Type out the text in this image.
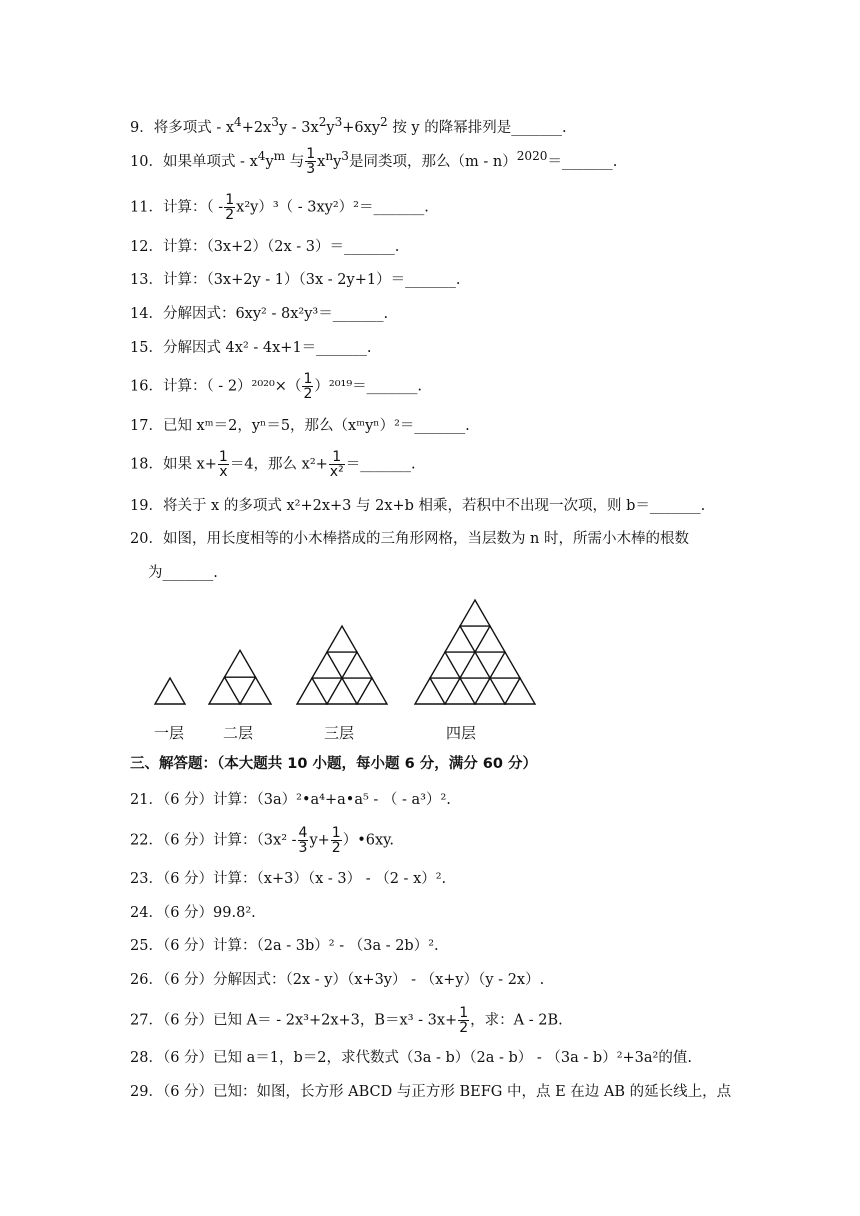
9．将多项式 - $x^4+2x^3y - 3x^2y^3+6xy^2$ 按 y 的降幂排列是_______.
10．如果单项式 - $x^4y^m$ 与 $\frac{1}{3} x^ny^3$是同类项，那么（m - n）$^{2020}$＝_______.
11．计算：（ - $\frac{1}{2} x^2y)^3$（ - 3xy²）²＝_______.
12．计算：（3x+2）（2x - 3）＝_______.
13．计算：（3x+2y - 1）（3x - 2y+1）＝_______.
14．分解因式：6xy² - 8x²y³＝_______.
15．分解因式 4x² - 4x+1＝_______.
16．计算：（ - $2)^{2020}\times( \frac{1}{2}$ ）²⁰¹⁹＝_______.
17．已知 xᵐ＝2，yⁿ＝5，那么（xᵐyⁿ）²＝_______.
18．如果 $x+ \frac{1}{x} =4$，那么 $x^2+ \frac{1}{\text{x²}}$ ＝_______.
19．将关于 x 的多项式 x²+2x+3 与 2x+b 相乘，若积中不出现一次项，则 b＝_______.
20．如图，用长度相等的小木棒搭成的三角形网格，当层数为 n 时，所需小木棒的根数
为_______.
一层	二层	三层	四层
三、解答题：（本大题共 10 小题，每小题 6 分，满分 60 分）
21．（6 分）计算：（3a）²•a⁴+a•a⁵ - （ - a³）².
22．（6 分）计算：（$3x^2 - \frac{4}{3} y+ \frac{1}{2}$ ）•6xy.
23．（6 分）计算：（x+3）（x - 3） - （2 - x）².
24．（6 分）99.8².
25．（6 分）计算：（2a - 3b）² - （3a - 2b）².
26．（6 分）分解因式：（2x - y）（x+3y） - （x+y）（y - 2x）.
27．（6 分）已知 A＝ - 2x³+2x+3，$B=x^3 - 3x+ \frac{1}{2}$ ，求：A - 2B.
28．（6 分）已知 a＝1，b＝2，求代数式（3a - b）（2a - b） - （3a - b）²+3a²的值.
29．（6 分）已知：如图，长方形 ABCD 与正方形 BEFG 中，点 E 在边 AB 的延长线上，点
